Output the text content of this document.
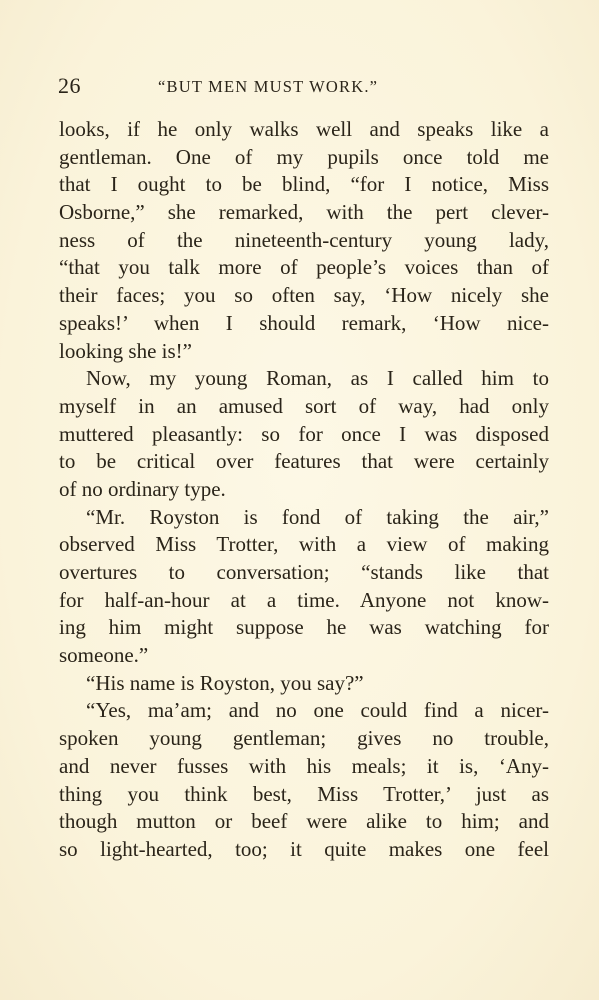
26	“BUT MEN MUST WORK.”
looks, if he only walks well and speaks like a
gentleman. One of my pupils once told me
that I ought to be blind, “for I notice, Miss
Osborne,” she remarked, with the pert clever-
ness of the nineteenth-century young lady,
“that you talk more of people’s voices than of
their faces; you so often say, ‘How nicely she
speaks!’ when I should remark, ‘How nice-
looking she is!”
Now, my young Roman, as I called him to
myself in an amused sort of way, had only
muttered pleasantly: so for once I was disposed
to be critical over features that were certainly
of no ordinary type.
“Mr. Royston is fond of taking the air,”
observed Miss Trotter, with a view of making
overtures to conversation; “stands like that
for half-an-hour at a time. Anyone not know-
ing him might suppose he was watching for
someone.”
“His name is Royston, you say?”
“Yes, ma’am; and no one could find a nicer-
spoken young gentleman; gives no trouble,
and never fusses with his meals; it is, ‘Any-
thing you think best, Miss Trotter,’ just as
though mutton or beef were alike to him; and
so light-hearted, too; it quite makes one feel
